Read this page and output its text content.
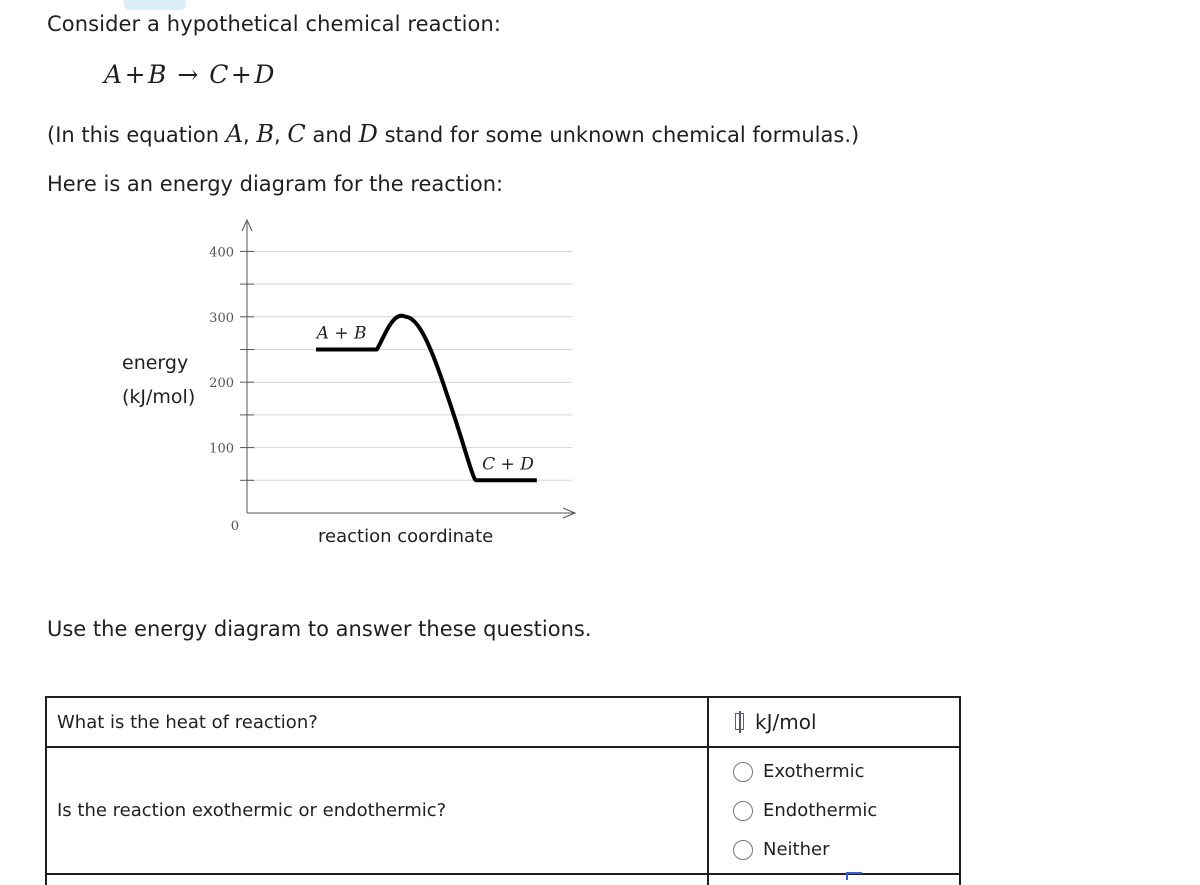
Consider a hypothetical chemical reaction:
A+B → C+D
(In this equation A, B, C and D stand for some unknown chemical formulas.)
Here is an energy diagram for the reaction:
0
100
200
300
400
A + B
C + D
energy
(kJ/mol)
reaction coordinate
Use the energy diagram to answer these questions.
What is the heat of reaction?	kJ/mol

Is the reaction exothermic or endothermic?	Exothermic
Endothermic
Neither
